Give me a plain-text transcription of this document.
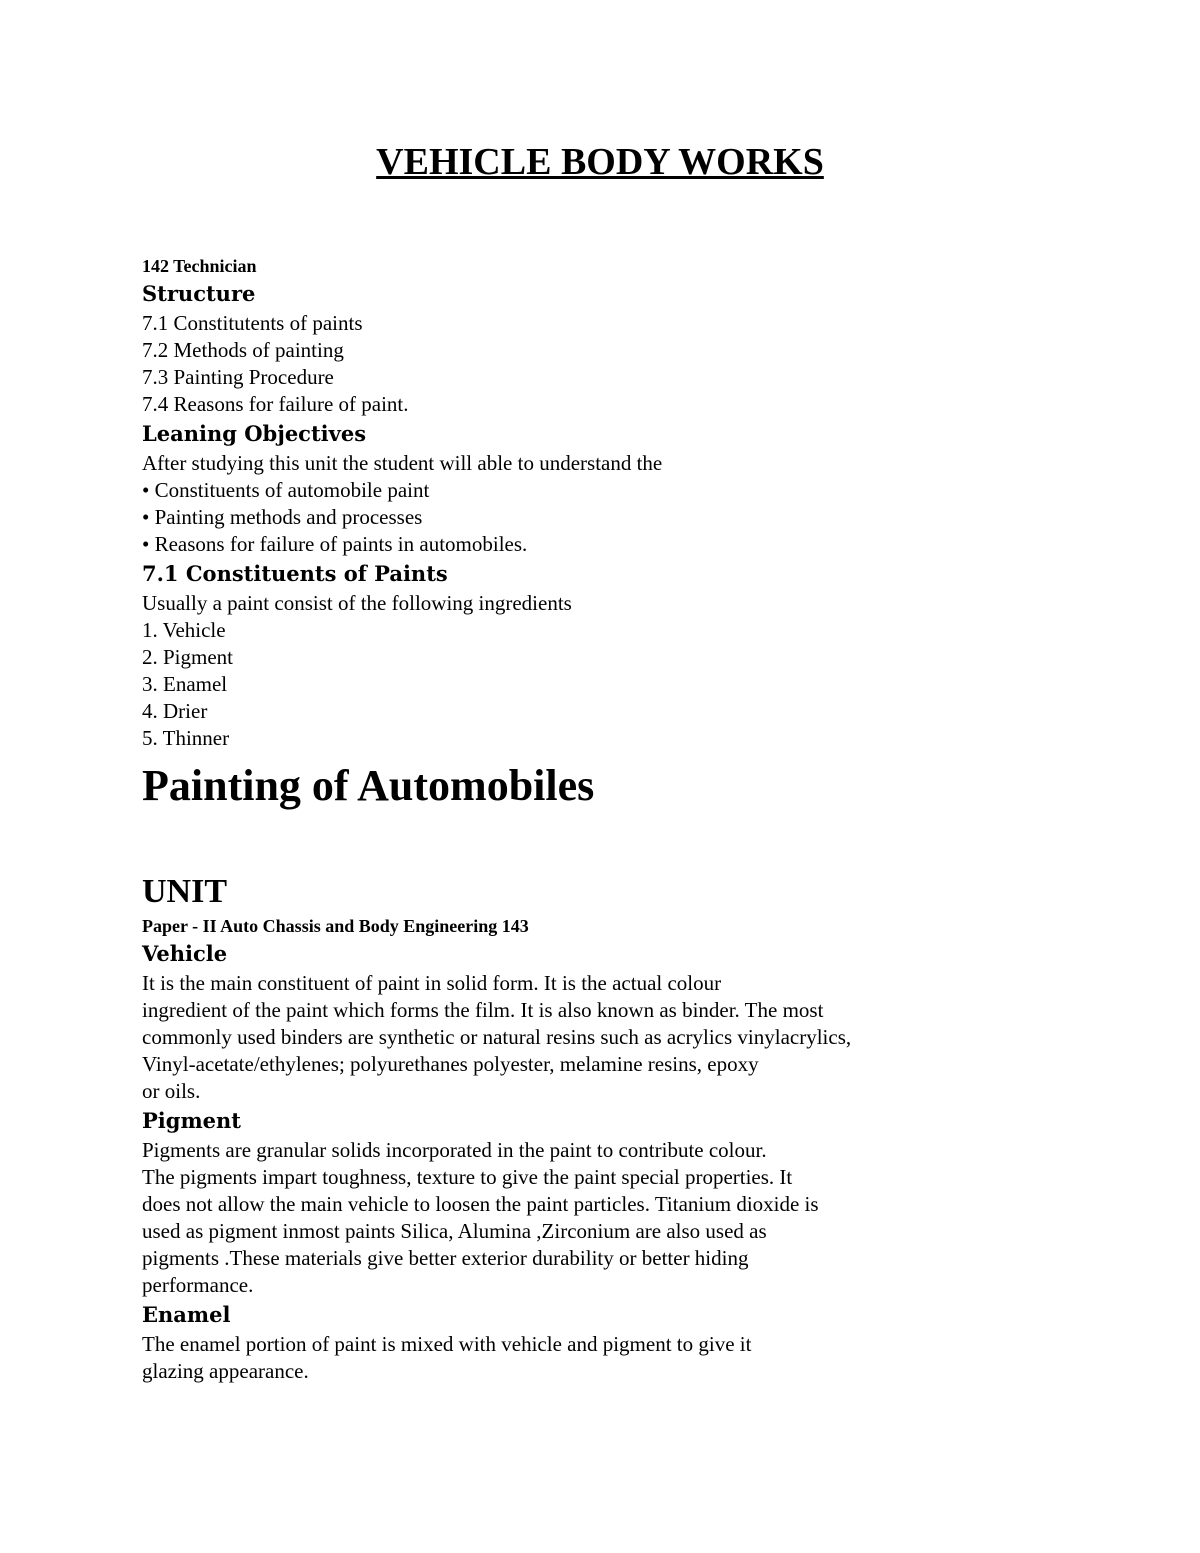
VEHICLE BODY WORKS
142 Technician
Structure
7.1 Constitutents of paints
7.2 Methods of painting
7.3 Painting Procedure
7.4 Reasons for failure of paint.
Leaning Objectives
After studying this unit the student will able to understand the
• Constituents of automobile paint
• Painting methods and processes
• Reasons for failure of paints in automobiles.
7.1 Constituents of Paints
Usually a paint consist of the following ingredients
1. Vehicle
2. Pigment
3. Enamel
4. Drier
5. Thinner
Painting of Automobiles
UNIT
Paper - II Auto Chassis and Body Engineering 143
Vehicle
It is the main constituent of paint in solid form. It is the actual colour
ingredient of the paint which forms the film. It is also known as binder. The most
commonly used binders are synthetic or natural resins such as acrylics vinylacrylics,
Vinyl-acetate/ethylenes; polyurethanes polyester, melamine resins, epoxy
or oils.
Pigment
Pigments are granular solids incorporated in the paint to contribute colour.
The pigments impart toughness, texture to give the paint special properties. It
does not allow the main vehicle to loosen the paint particles. Titanium dioxide is
used as pigment inmost paints Silica, Alumina ,Zirconium are also used as
pigments .These materials give better exterior durability or better hiding
performance.
Enamel
The enamel portion of paint is mixed with vehicle and pigment to give it
glazing appearance.
